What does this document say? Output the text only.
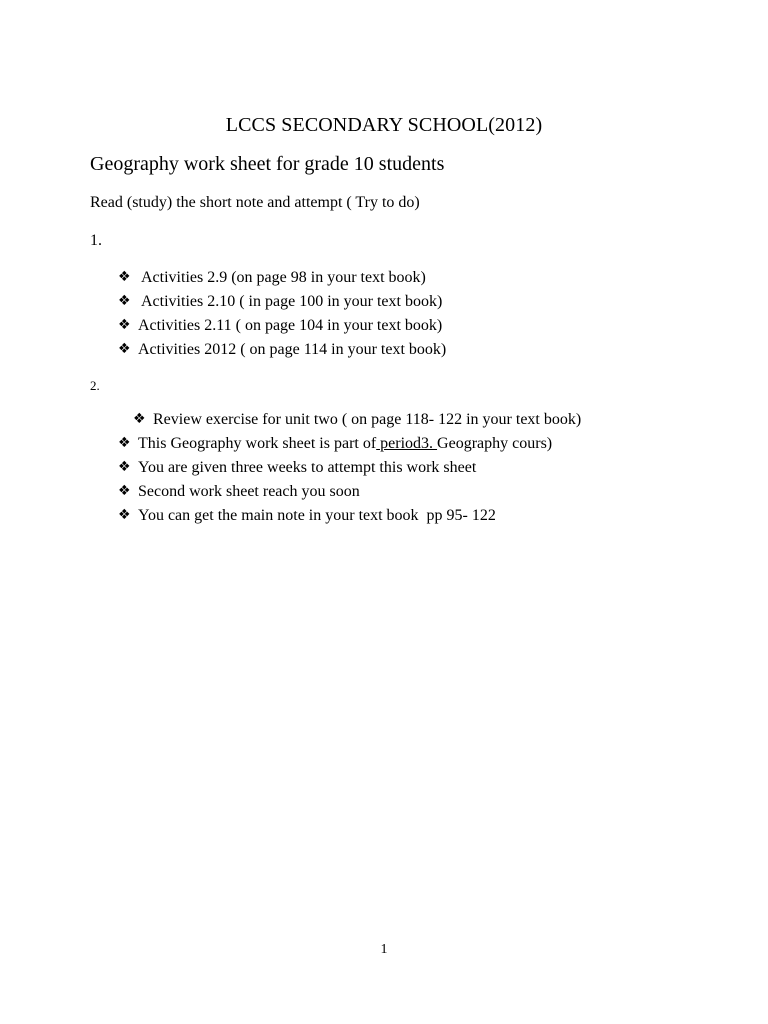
LCCS SECONDARY SCHOOL(2012)
Geography work sheet for grade 10 students
Read (study) the short note and attempt ( Try to do)
1.
❖ Activities 2.9 (on page 98 in your text book)
❖ Activities 2.10 ( in page 100 in your text book)
❖ Activities 2.11 ( on page 104 in your text book)
❖ Activities 2012 ( on page 114 in your text book)
2.
❖ Review exercise for unit two ( on page 118- 122 in your text book)
❖ This Geography work sheet is part of period3. Geography cours)
❖ You are given three weeks to attempt this work sheet
❖ Second work sheet reach you soon
❖ You can get the main note in your text book  pp 95- 122
1
